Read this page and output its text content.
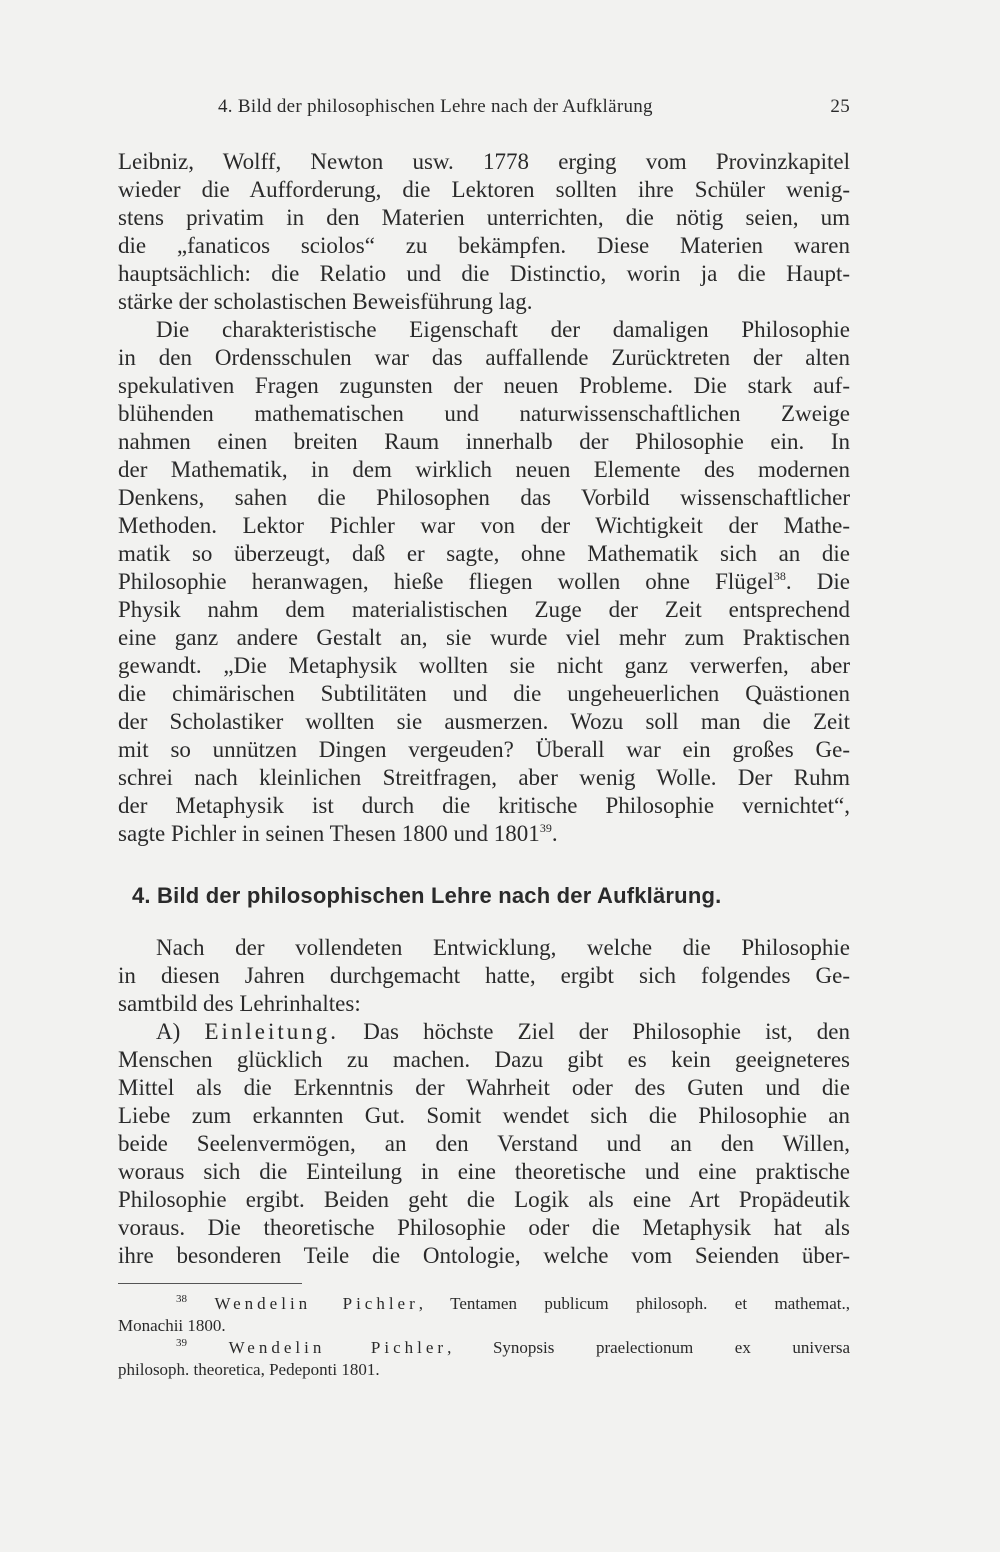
4. Bild der philosophischen Lehre nach der Aufklärung	25
Leibniz, Wolff, Newton usw. 1778 erging vom Provinzkapitel
wieder die Aufforderung, die Lektoren sollten ihre Schüler wenig-
stens privatim in den Materien unterrichten, die nötig seien, um
die „fanaticos sciolos“ zu bekämpfen. Diese Materien waren
hauptsächlich: die Relatio und die Distinctio, worin ja die Haupt-
stärke der scholastischen Beweisführung lag.
Die charakteristische Eigenschaft der damaligen Philosophie
in den Ordensschulen war das auffallende Zurücktreten der alten
spekulativen Fragen zugunsten der neuen Probleme. Die stark auf-
blühenden mathematischen und naturwissenschaftlichen Zweige
nahmen einen breiten Raum innerhalb der Philosophie ein. In
der Mathematik, in dem wirklich neuen Elemente des modernen
Denkens, sahen die Philosophen das Vorbild wissenschaftlicher
Methoden. Lektor Pichler war von der Wichtigkeit der Mathe-
matik so überzeugt, daß er sagte, ohne Mathematik sich an die
Philosophie heranwagen, hieße fliegen wollen ohne Flügel$^{38}$. Die
Physik nahm dem materialistischen Zuge der Zeit entsprechend
eine ganz andere Gestalt an, sie wurde viel mehr zum Praktischen
gewandt. „Die Metaphysik wollten sie nicht ganz verwerfen, aber
die chimärischen Subtilitäten und die ungeheuerlichen Quästionen
der Scholastiker wollten sie ausmerzen. Wozu soll man die Zeit
mit so unnützen Dingen vergeuden? Überall war ein großes Ge-
schrei nach kleinlichen Streitfragen, aber wenig Wolle. Der Ruhm
der Metaphysik ist durch die kritische Philosophie vernichtet“,
sagte Pichler in seinen Thesen 1800 und 1801$^{39}$.
4. Bild der philosophischen Lehre nach der Aufklärung.
Nach der vollendeten Entwicklung, welche die Philosophie
in diesen Jahren durchgemacht hatte, ergibt sich folgendes Ge-
samtbild des Lehrinhaltes:
A) Einleitung. Das höchste Ziel der Philosophie ist, den
Menschen glücklich zu machen. Dazu gibt es kein geeigneteres
Mittel als die Erkenntnis der Wahrheit oder des Guten und die
Liebe zum erkannten Gut. Somit wendet sich die Philosophie an
beide Seelenvermögen, an den Verstand und an den Willen,
woraus sich die Einteilung in eine theoretische und eine praktische
Philosophie ergibt. Beiden geht die Logik als eine Art Propädeutik
voraus. Die theoretische Philosophie oder die Metaphysik hat als
ihre besonderen Teile die Ontologie, welche vom Seienden über-
$^{38}$ Wendelin Pichler, Tentamen publicum philosoph. et mathemat.,
Monachii 1800.
$^{39}$ Wendelin Pichler, Synopsis praelectionum ex universa
philosoph. theoretica, Pedeponti 1801.
